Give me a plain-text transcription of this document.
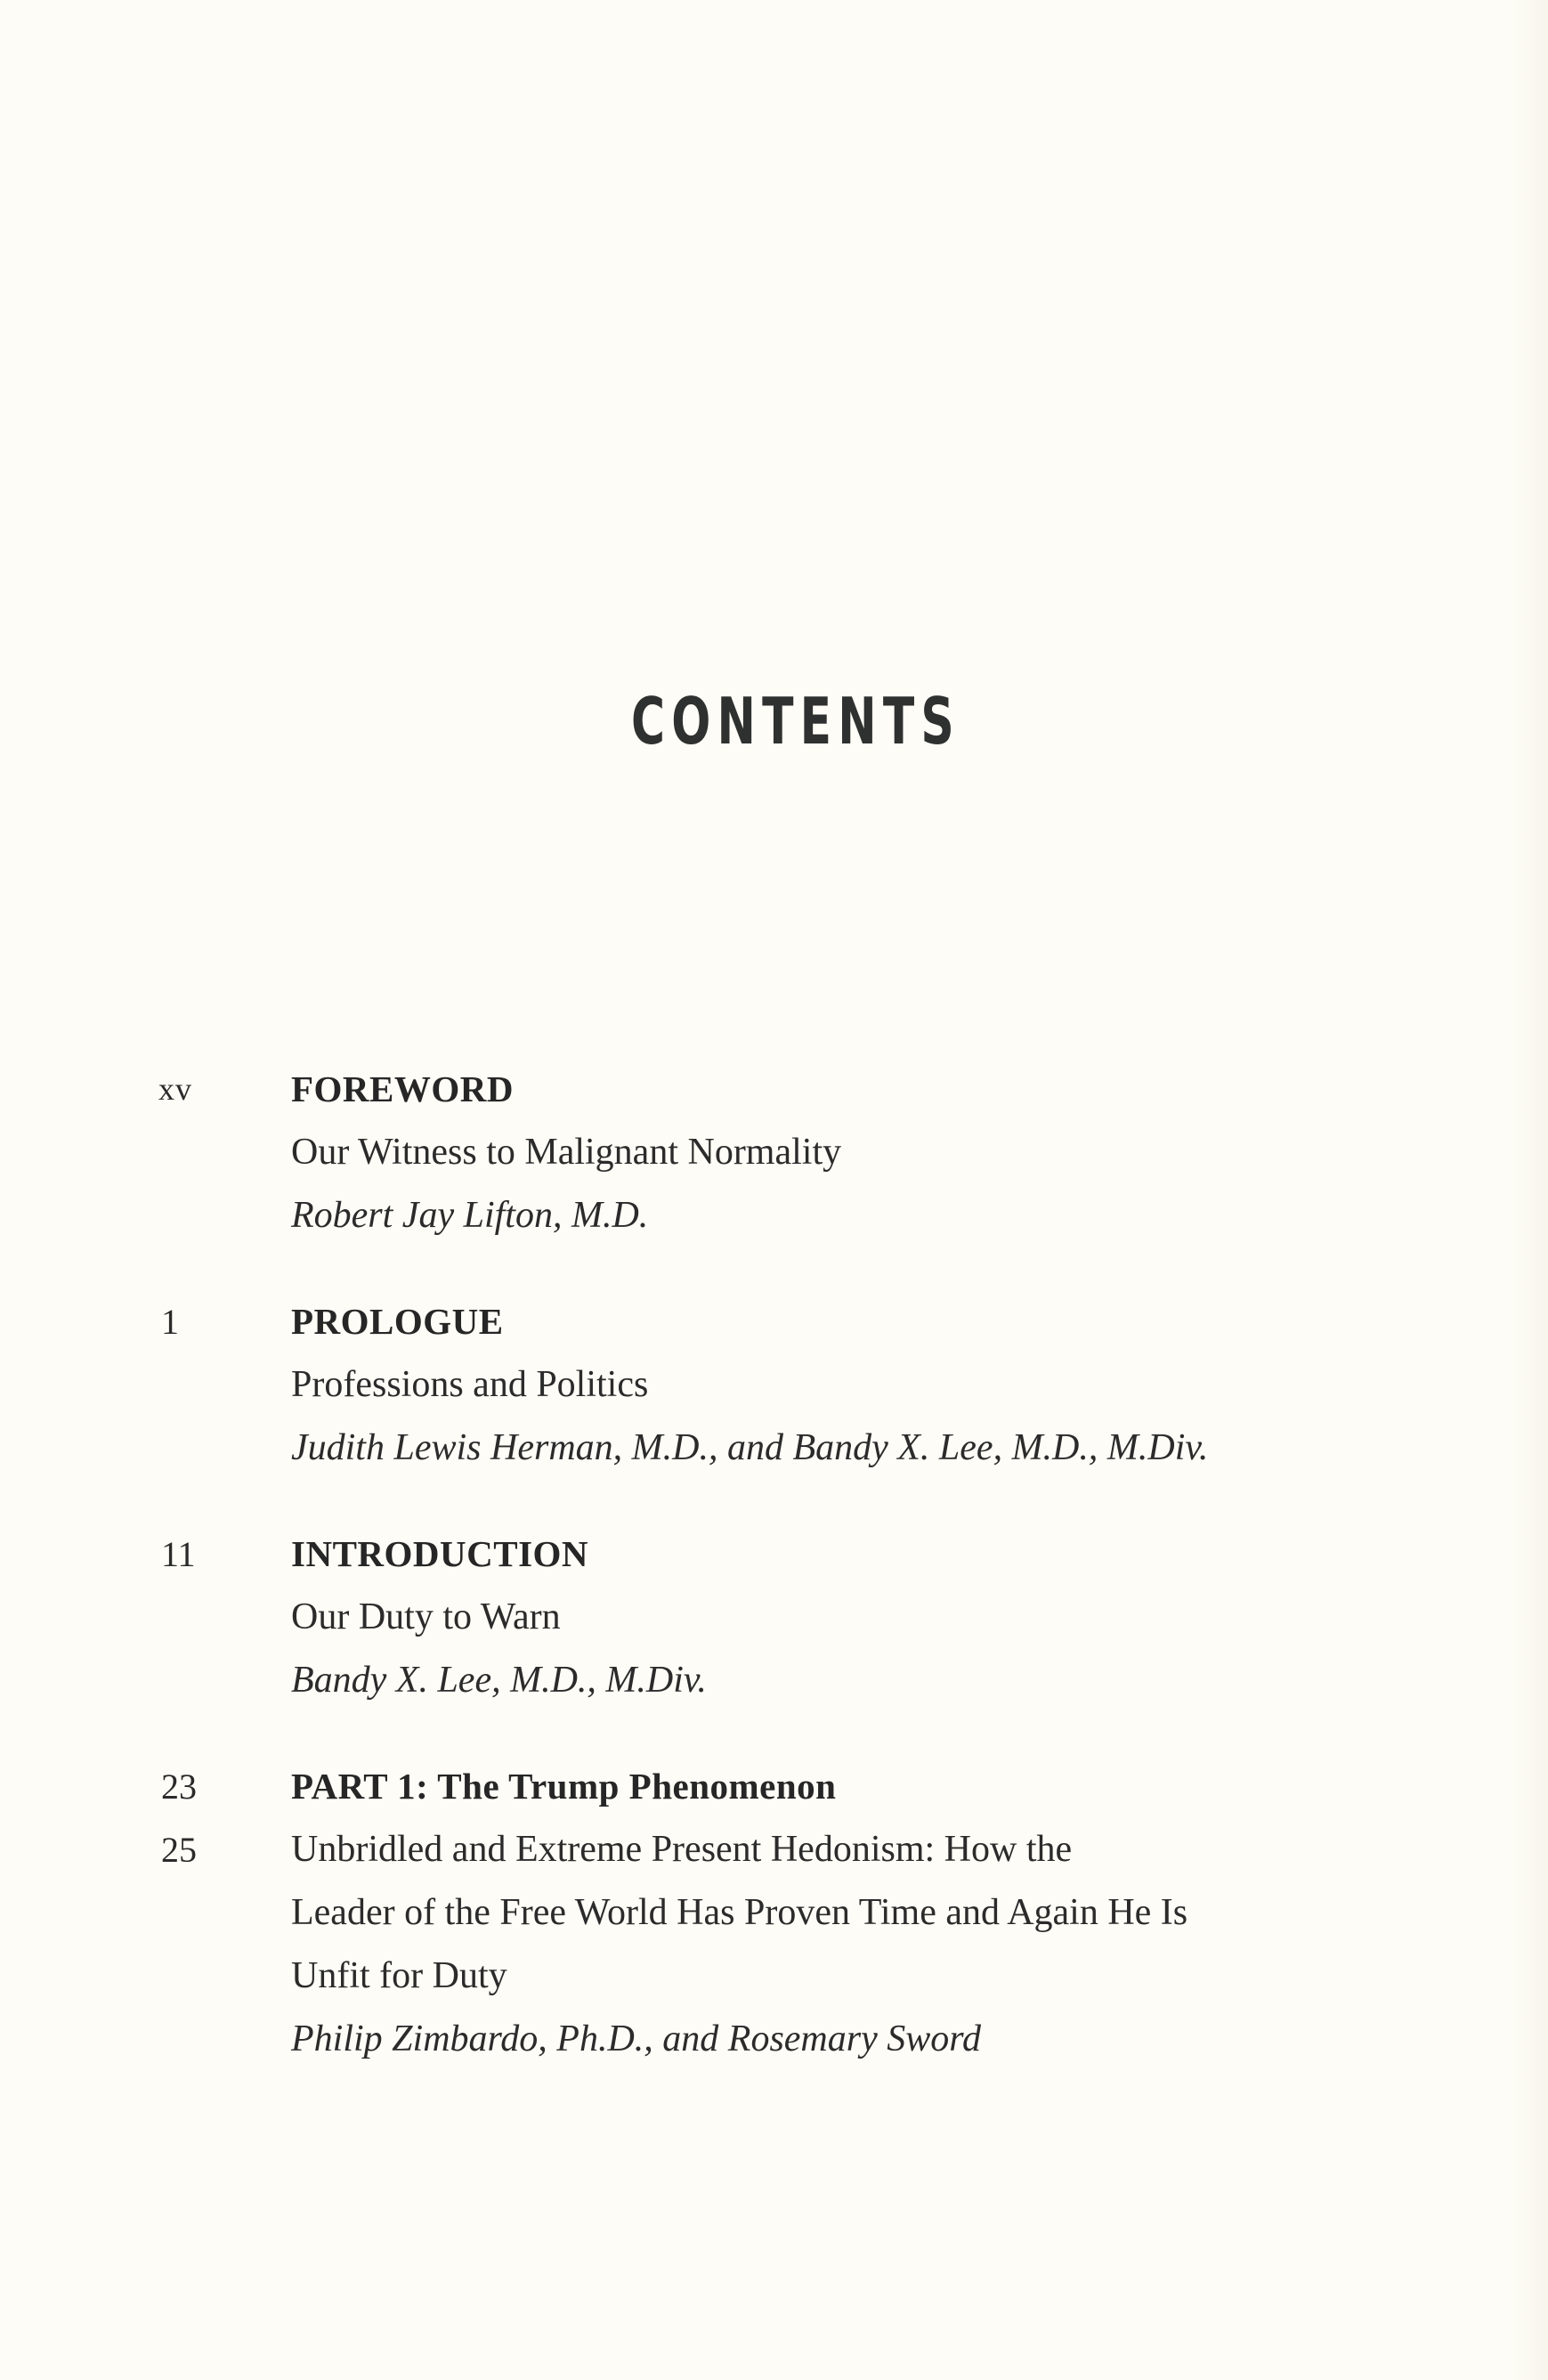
CONTENTS
xv	FOREWORD
Our Witness to Malignant Normality
Robert Jay Lifton, M.D.
1	PROLOGUE
Professions and Politics
Judith Lewis Herman, M.D., and Bandy X. Lee, M.D., M.Div.
11	INTRODUCTION
Our Duty to Warn
Bandy X. Lee, M.D., M.Div.
23	PART 1: The Trump Phenomenon
25	Unbridled and Extreme Present Hedonism: How the
Leader of the Free World Has Proven Time and Again He Is
Unfit for Duty
Philip Zimbardo, Ph.D., and Rosemary Sword
